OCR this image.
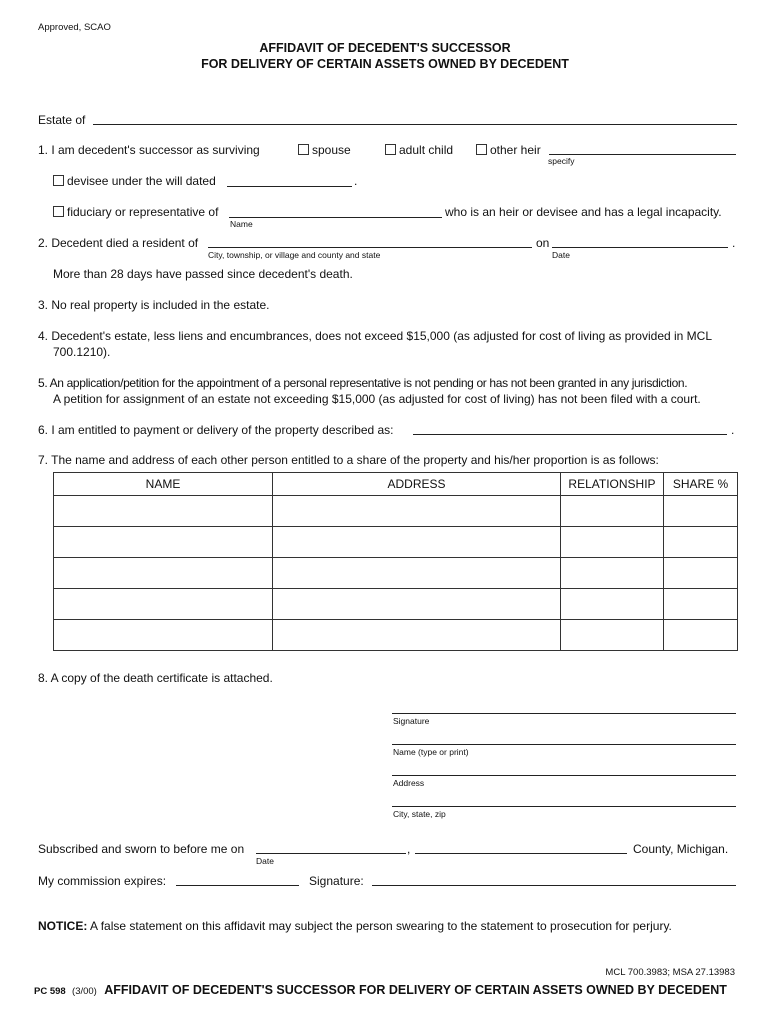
Approved, SCAO
AFFIDAVIT OF DECEDENT'S SUCCESSOR
FOR DELIVERY OF CERTAIN ASSETS OWNED BY DECEDENT
Estate of
1. I am decedent's successor as surviving	spouse	adult child	other heir
specify
devisee under the will dated	.
fiduciary or representative of	who is an heir or devisee and has a legal incapacity.
Name
2. Decedent died a resident of	on	.
City, township, or village and county and state	Date
More than 28 days have passed since decedent's death.
3. No real property is included in the estate.
4. Decedent's estate, less liens and encumbrances, does not exceed $15,000 (as adjusted for cost of living as provided in MCL
700.1210).
5. An application/petition for the appointment of a personal representative is not pending or has not been granted in any jurisdiction.
A petition for assignment of an estate not exceeding $15,000 (as adjusted for cost of living) has not been filed with a court.
6. I am entitled to payment or delivery of the property described as:	.
7. The name and address of each other person entitled to a share of the property and his/her proportion is as follows:
NAME	ADDRESS	RELATIONSHIP	SHARE %

8. A copy of the death certificate is attached.
Signature
Name (type or print)
Address
City, state, zip
Subscribed and sworn to before me on	,	County, Michigan.
Date
My commission expires:	Signature:
NOTICE: A false statement on this affidavit may subject the person swearing to the statement to prosecution for perjury.
MCL 700.3983; MSA 27.13983
PC 598 (3/00) AFFIDAVIT OF DECEDENT'S SUCCESSOR FOR DELIVERY OF CERTAIN ASSETS OWNED BY DECEDENT
